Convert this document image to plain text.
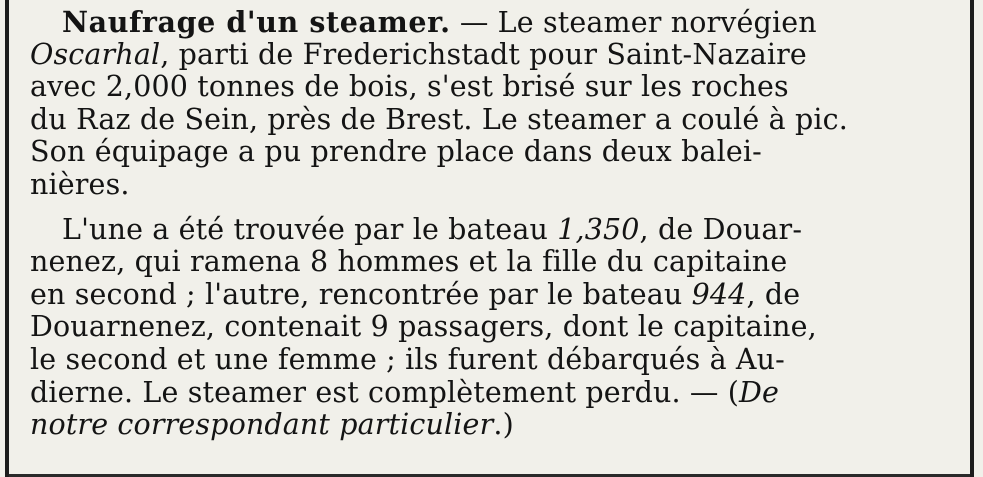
Naufrage d'un steamer. — Le steamer norvégien
Oscarhal, parti de Frederichstadt pour Saint-Nazaire
avec 2,000 tonnes de bois, s'est brisé sur les roches
du Raz de Sein, près de Brest. Le steamer a coulé à pic.
Son équipage a pu prendre place dans deux balei-
nières.
L'une a été trouvée par le bateau 1,350, de Douar-
nenez, qui ramena 8 hommes et la fille du capitaine
en second ; l'autre, rencontrée par le bateau 944, de
Douarnenez, contenait 9 passagers, dont le capitaine,
le second et une femme ; ils furent débarqués à Au-
dierne. Le steamer est complètement perdu. — (De
notre correspondant particulier.)
